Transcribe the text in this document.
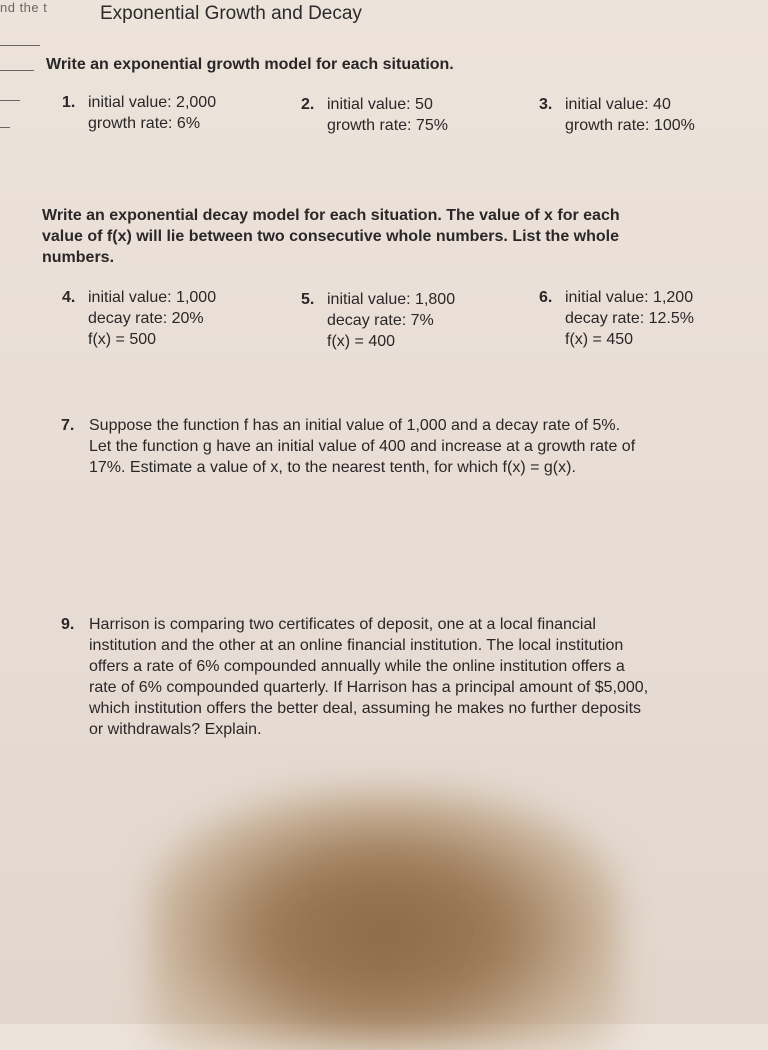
nd the t	Exponential Growth and Decay
Write an exponential growth model for each situation.
1. initial value: 2,000
growth rate: 6%
2. initial value: 50
growth rate: 75%
3. initial value: 40
growth rate: 100%
Write an exponential decay model for each situation. The value of x for each
value of f(x) will lie between two consecutive whole numbers. List the whole
numbers.
4. initial value: 1,000
decay rate: 20%
f(x) = 500
5. initial value: 1,800
decay rate: 7%
f(x) = 400
6. initial value: 1,200
decay rate: 12.5%
f(x) = 450
7. Suppose the function f has an initial value of 1,000 and a decay rate of 5%.
Let the function g have an initial value of 400 and increase at a growth rate of
17%. Estimate a value of x, to the nearest tenth, for which f(x) = g(x).
9. Harrison is comparing two certificates of deposit, one at a local financial
institution and the other at an online financial institution. The local institution
offers a rate of 6% compounded annually while the online institution offers a
rate of 6% compounded quarterly. If Harrison has a principal amount of $5,000,
which institution offers the better deal, assuming he makes no further deposits
or withdrawals? Explain.
